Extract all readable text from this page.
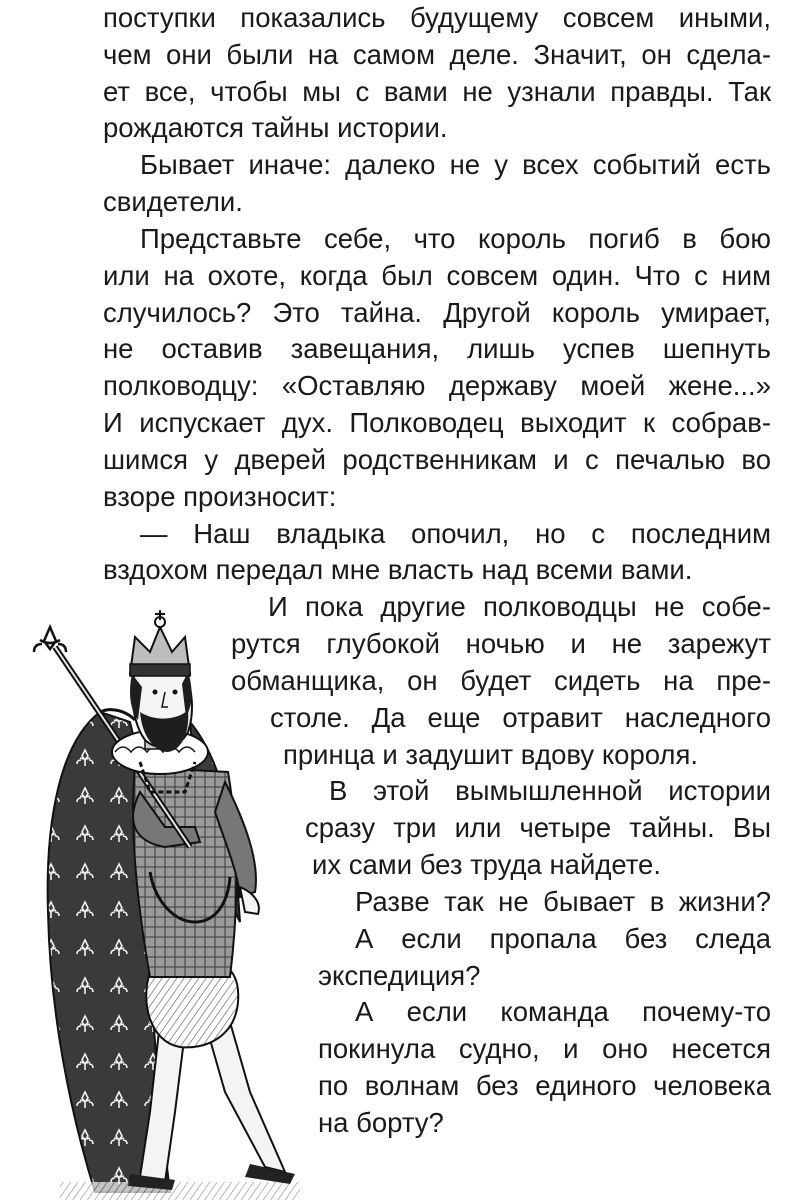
поступки показались будущему совсем иными,
чем они были на самом деле. Значит, он сдела-
ет все, чтобы мы с вами не узнали правды. Так
рождаются тайны истории.
Бывает иначе: далеко не у всех событий есть
свидетели.
Представьте себе, что король погиб в бою
или на охоте, когда был совсем один. Что с ним
случилось? Это тайна. Другой король умирает,
не оставив завещания, лишь успев шепнуть
полководцу: «Оставляю державу моей жене...»
И испускает дух. Полководец выходит к собрав-
шимся у дверей родственникам и с печалью во
взоре произносит:
— Наш владыка опочил, но с последним
вздохом передал мне власть над всеми вами.
И пока другие полководцы не собе-
рутся глубокой ночью и не зарежут
обманщика, он будет сидеть на пре-
столе. Да еще отравит наследного
принца и задушит вдову короля.
В этой вымышленной истории
сразу три или четыре тайны. Вы
их сами без труда найдете.
Разве так не бывает в жизни?
А если пропала без следа
экспедиция?
А если команда почему-то
покинула судно, и оно несется
по волнам без единого человека
на борту?
